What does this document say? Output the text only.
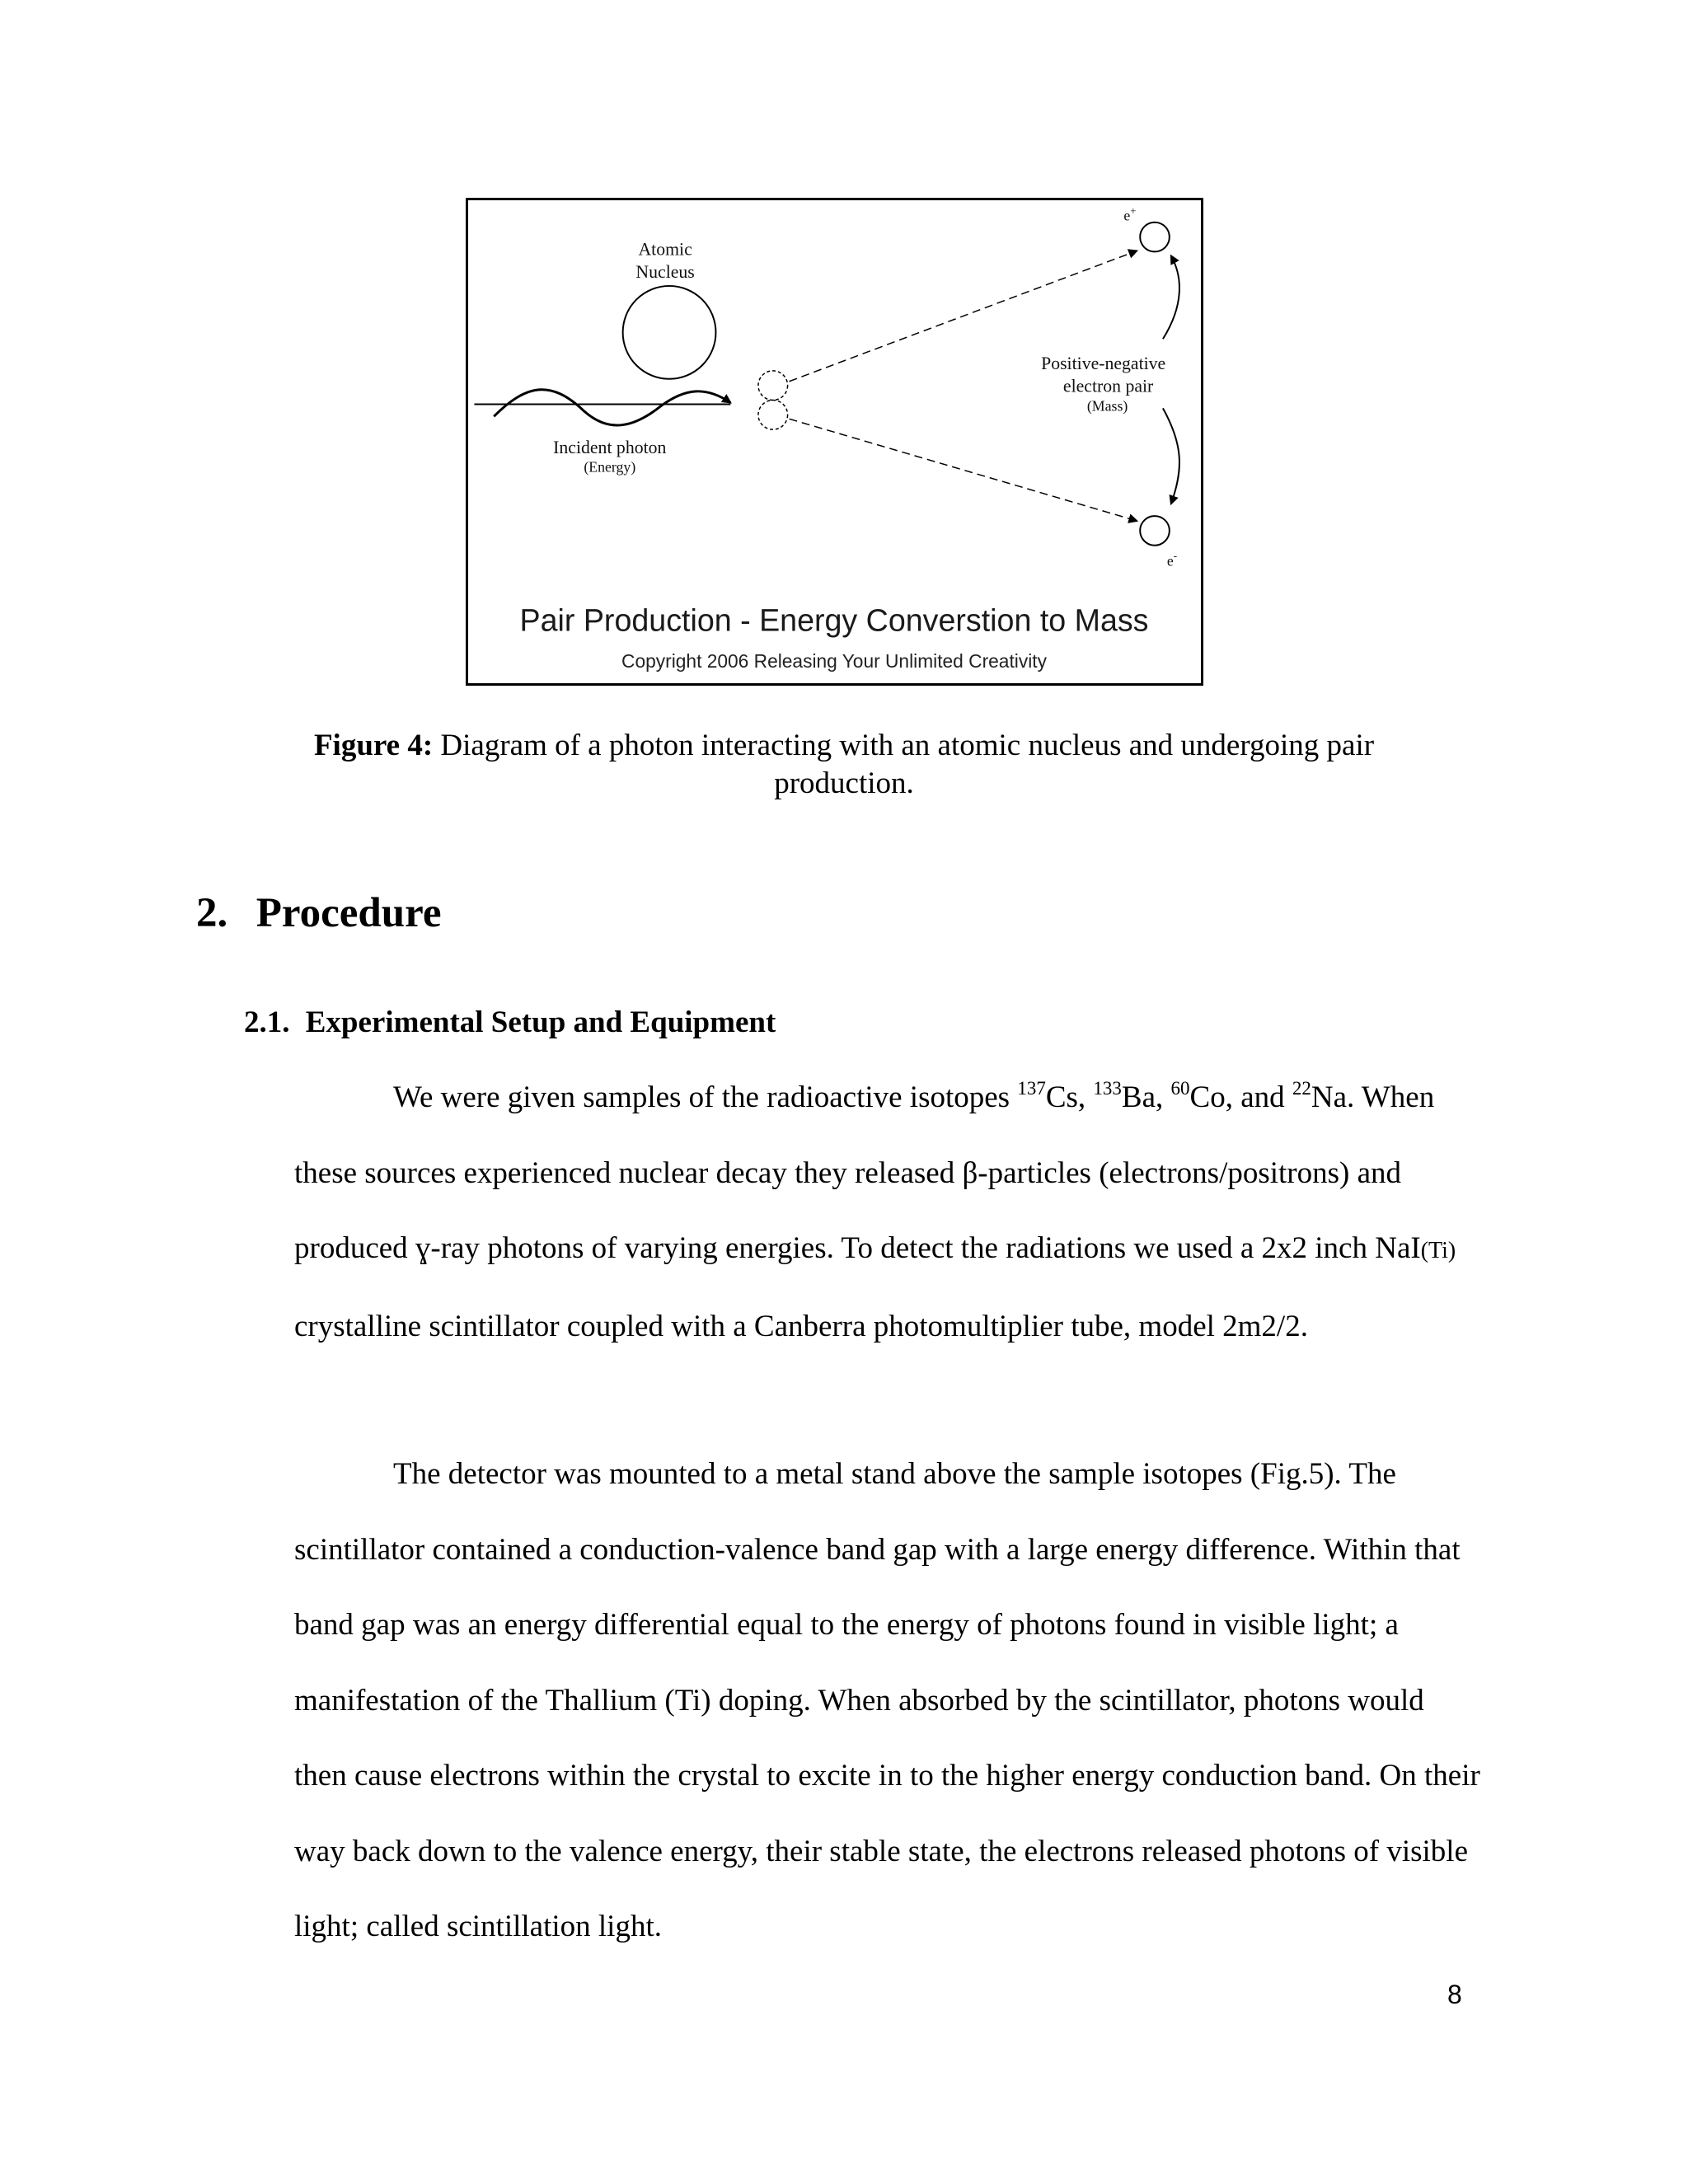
Atomic
Nucleus
Incident photon
(Energy)
e+
e-
Positive-negative
electron pair
(Mass)
Pair Production - Energy Converstion to Mass
Copyright 2006 Releasing Your Unlimited Creativity
Figure 4: Diagram of a photon interacting with an atomic nucleus and undergoing pair production.
2. Procedure
2.1. Experimental Setup and Equipment
We were given samples of the radioactive isotopes $^{137}$Cs, $^{133}$Ba, $^{60}$Co, and $^{22}$Na. When these sources experienced nuclear decay they released β-particles (electrons/positrons) and produced ɣ-ray photons of varying energies. To detect the radiations we used a 2x2 inch NaI(Ti) crystalline scintillator coupled with a Canberra photomultiplier tube, model 2m2/2.
The detector was mounted to a metal stand above the sample isotopes (Fig.5). The scintillator contained a conduction-valence band gap with a large energy difference. Within that band gap was an energy differential equal to the energy of photons found in visible light; a manifestation of the Thallium (Ti) doping. When absorbed by the scintillator, photons would then cause electrons within the crystal to excite in to the higher energy conduction band. On their way back down to the valence energy, their stable state, the electrons released photons of visible light; called scintillation light.
8
